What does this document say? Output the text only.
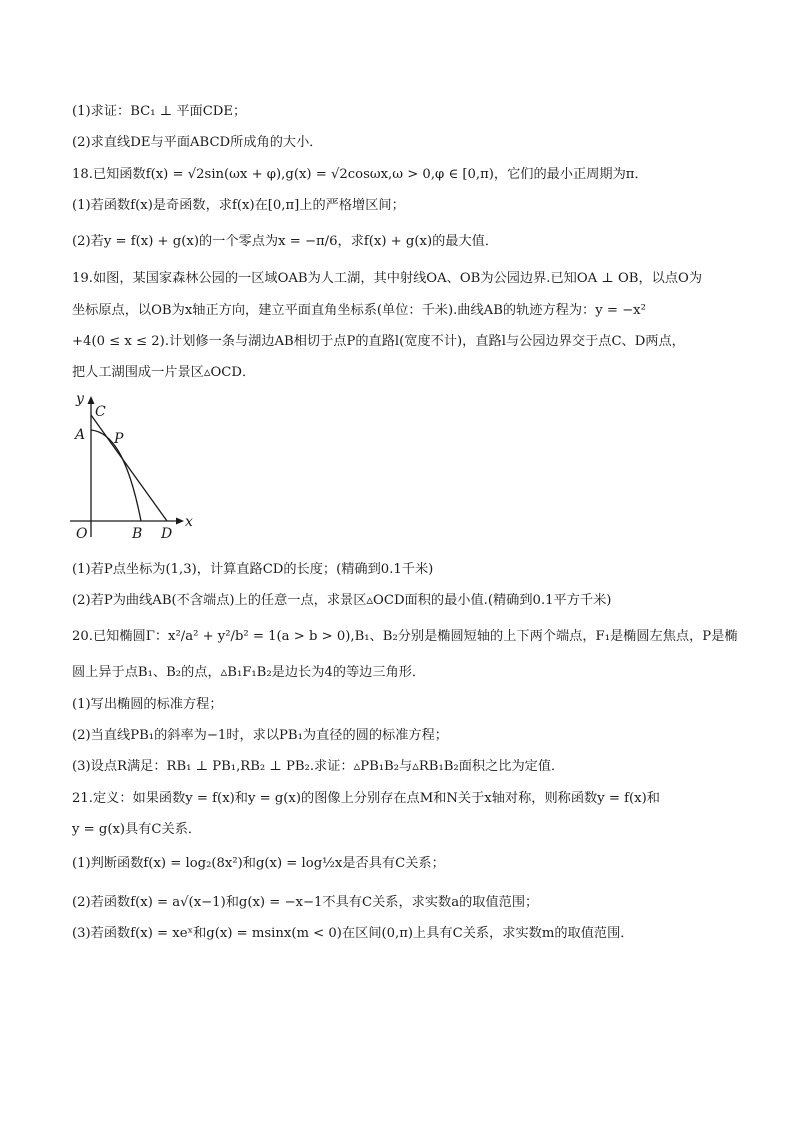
(1)求证：BC₁ ⊥ 平面CDE；
(2)求直线DE与平面ABCD所成角的大小．
18.已知函数f(x) = √2sin(ωx + φ),g(x) = √2cosωx,ω > 0,φ ∈ [0,π)，它们的最小正周期为π．
(1)若函数f(x)是奇函数，求f(x)在[0,π]上的严格增区间；
(2)若y = f(x) + g(x)的一个零点为x = −π/6，求f(x) + g(x)的最大值．
19.如图，某国家森林公园的一区域OAB为人工湖，其中射线OA、OB为公园边界.已知OA ⊥ OB，以点O为
坐标原点，以OB为x轴正方向，建立平面直角坐标系(单位：千米).曲线AB的轨迹方程为：y = −x²
+4(0 ≤ x ≤ 2).计划修一条与湖边AB相切于点P的直路l(宽度不计)，直路l与公园边界交于点C、D两点，
把人工湖围成一片景区▵OCD．
y
C
A P
O	B D
x
(1)若P点坐标为(1,3)，计算直路CD的长度；(精确到0.1千米)
(2)若P为曲线AB(不含端点)上的任意一点，求景区▵OCD面积的最小值.(精确到0.1平方千米)
20.已知椭圆Γ：x²/a² + y²/b² = 1(a > b > 0),B₁、B₂分别是椭圆短轴的上下两个端点，F₁是椭圆左焦点，P是椭
圆上异于点B₁、B₂的点，▵B₁F₁B₂是边长为4的等边三角形．
(1)写出椭圆的标准方程；
(2)当直线PB₁的斜率为−1时，求以PB₁为直径的圆的标准方程；
(3)设点R满足：RB₁ ⊥ PB₁,RB₂ ⊥ PB₂.求证：▵PB₁B₂与▵RB₁B₂面积之比为定值．
21.定义：如果函数y = f(x)和y = g(x)的图像上分别存在点M和N关于x轴对称，则称函数y = f(x)和
y = g(x)具有C关系．
(1)判断函数f(x) = log₂(8x²)和g(x) = log½x是否具有C关系；
(2)若函数f(x) = a√(x−1)和g(x) = −x−1不具有C关系，求实数a的取值范围；
(3)若函数f(x) = xeˣ和g(x) = msinx(m < 0)在区间(0,π)上具有C关系，求实数m的取值范围．
